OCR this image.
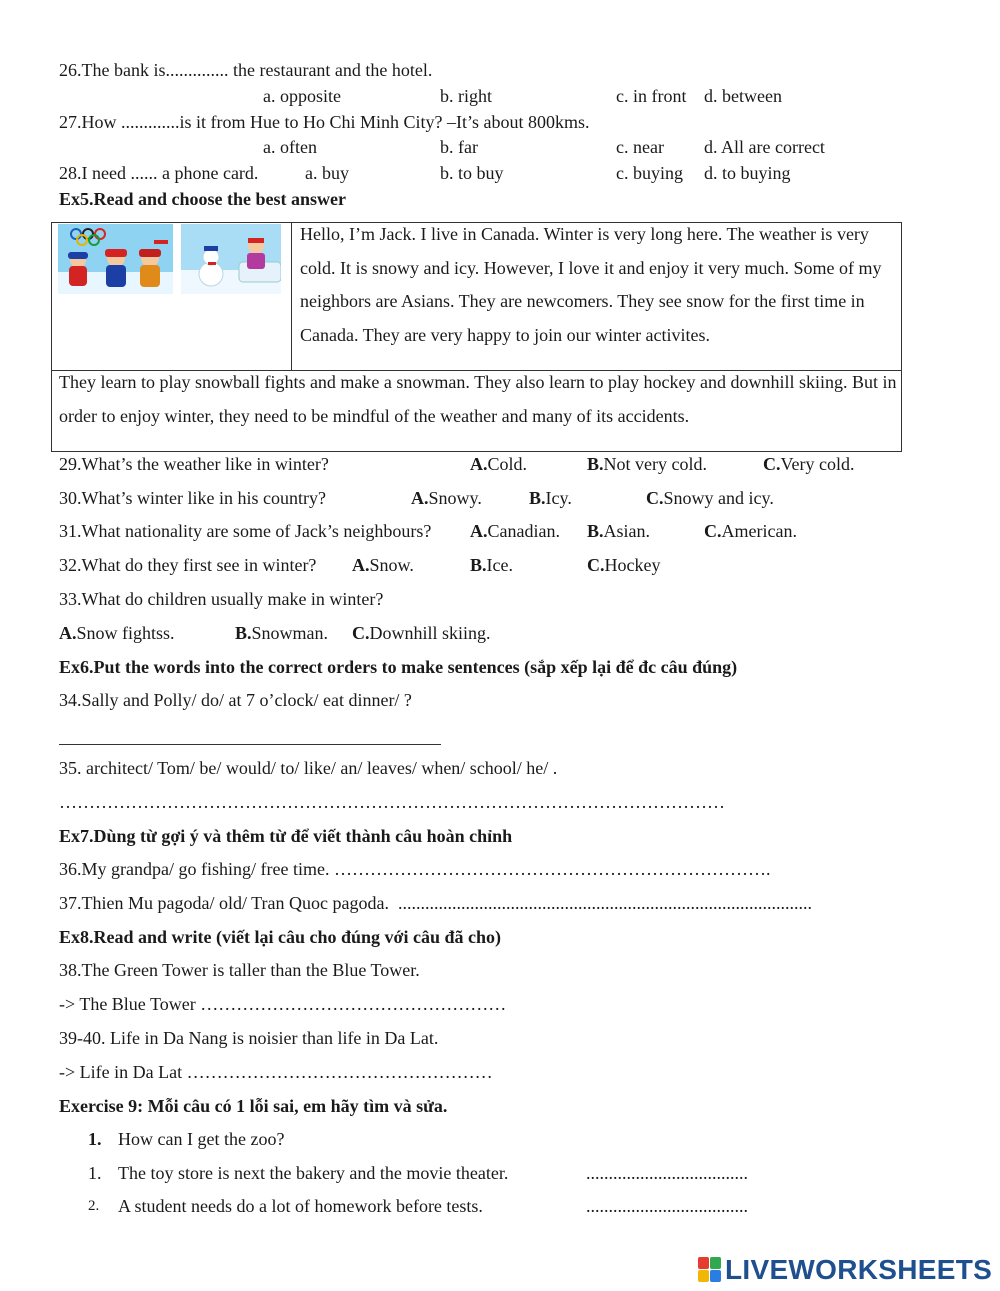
26.The bank is.............. the restaurant and the hotel.
a. opposite	b. right	c. in front d. between
27.How .............is it from Hue to Ho Chi Minh City? –It’s about 800kms.
a. often	b. far	c. near d. All are correct
28.I need ...... a phone card.	a. buy	b. to buy	c. buying d. to buying
Ex5.Read and choose the best answer
Hello, I’m Jack. I live in Canada. Winter is very long here. The weather is very cold. It is snowy and icy. However, I love it and enjoy it very much. Some of my neighbors are Asians. They are newcomers. They see snow for the first time in Canada. They are very happy to join our winter activites.
They learn to play snowball fights and make a snowman. They also learn to play hockey and downhill skiing. But in order to enjoy winter, they need to be mindful of the weather and many of its accidents.
29.What’s the weather like in winter?	A.Cold.	B.Not very cold.	C.Very cold.
30.What’s winter like in his country?	A.Snowy.	B.Icy.	C.Snowy and icy.
31.What nationality are some of Jack’s neighbours? A.Canadian. B.Asian.	C.American.
32.What do they first see in winter? A.Snow.	B.Ice.	C.Hockey
33.What do children usually make in winter?
A.Snow fightss.	B.Snowman. C.Downhill skiing.
Ex6.Put the words into the correct orders to make sentences (sắp xếp lại để đc câu đúng)
34.Sally and Polly/ do/ at 7 o’clock/ eat dinner/ ?
35. architect/ Tom/ be/ would/ to/ like/ an/ leaves/ when/ school/ he/ .
…………………………………………………………………………………………………
Ex7.Dùng từ gợi ý và thêm từ để viết thành câu hoàn chỉnh
36.My grandpa/ go fishing/ free time. ……………………………………………………………….
37.Thien Mu pagoda/ old/ Tran Quoc pagoda.  ............................................................................................
Ex8.Read and write (viết lại câu cho đúng với câu đã cho)
38.The Green Tower is taller than the Blue Tower.
-> The Blue Tower ……………………………………………
39-40. Life in Da Nang is noisier than life in Da Lat.
-> Life in Da Lat ……………………………………………
Exercise 9: Mỗi câu có 1 lỗi sai, em hãy tìm và sửa.
1. How can I get the zoo?
1. The toy store is next the bakery and the movie theater.	....................................
2. A student needs do a lot of homework before tests.	....................................
LIVEWORKSHEETS
